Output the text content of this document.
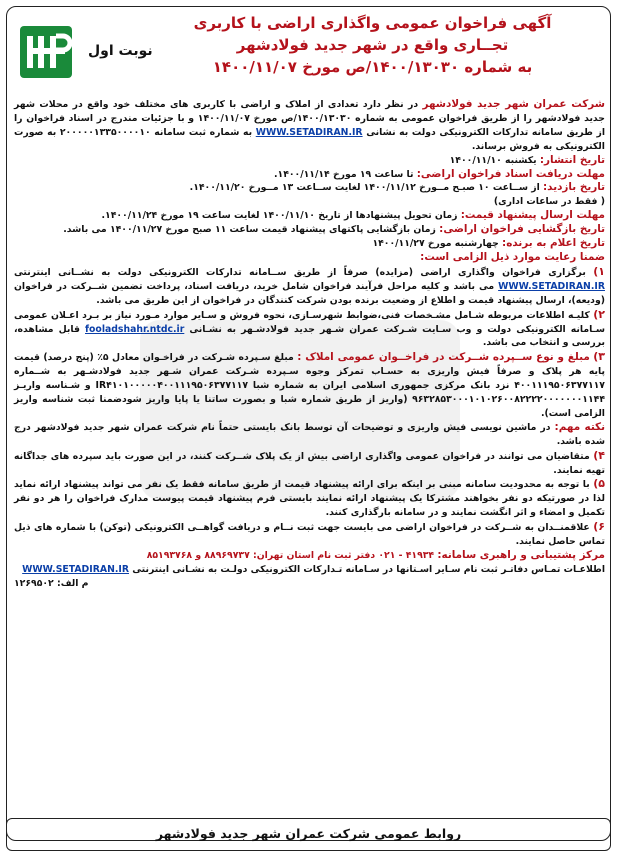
نوبت اول
آگهی فراخوان عمومی واگذاری اراضی با کاربری
تجــاری واقع در شهر جدید فولادشهر
به شماره ۱۴۰۰/۱۳۰۳۰/ص مورخ ۱۴۰۰/۱۱/۰۷

شرکت عمران شهر جدید فولادشهر در نظر دارد تعدادی از املاک و اراضی با کاربری های مختلف خود واقع در محلات شهر جدید فولادشهر را از طریق فراخوان عمومی به شماره ۱۴۰۰/۱۳۰۳۰/ص مورخ ۱۴۰۰/۱۱/۰۷ و با جزئیات مندرج در اسناد فراخوان را از طریق سامانه تدارکات الکترونیکی دولت به نشانی WWW.SETADIRAN.IR به شماره ثبت سامانه ۲۰۰۰۰۰۱۳۳۵۰۰۰۰۱۰ به صورت الکترونیکی به فروش برساند.

تاریخ انتشار: یکشنبه ۱۴۰۰/۱۱/۱۰

مهلت دریافت اسناد فراخوان اراضی: تا ساعت ۱۹ مورخ ۱۴۰۰/۱۱/۱۴.

تاریخ بازدید: از ســاعت ۱۰ صبـح مــورخ ۱۴۰۰/۱۱/۱۲ لغایت ســاعت ۱۳ مــورخ ۱۴۰۰/۱۱/۲۰.

( فقط در ساعات اداری)

مهلت ارسال پیشنهاد قیمت: زمان تحویل پیشنهادها از تاریخ ۱۴۰۰/۱۱/۱۰ لغایت ساعت ۱۹ مورخ ۱۴۰۰/۱۱/۲۴.

تاریخ بازگشایی فراخوان اراضی: زمان بازگشایی پاکتهای پیشنهاد قیمت ساعت ۱۱ صبح مورخ ۱۴۰۰/۱۱/۲۷ می باشد.

تاریخ اعلام به برنده: چهارشنبه مورخ ۱۴۰۰/۱۱/۲۷

ضمنا رعایت موارد ذیل الزامی است:

۱) برگزاری فراخوان واگذاری اراضی (مزایده) صرفاً از طریق ســامانه تدارکات الکترونیکی دولت به نشــانی اینترنتی WWW.SETADIRAN.IR می باشد و کلیه مراحل فرآیند فراخوان شامل خرید، دریافت اسناد، پرداخت تضمین شــرکت در فراخوان (ودیعه)، ارسال پیشنهاد قیمت و اطلاع از وضعیت برنده بودن شرکت کنندگان در فراخوان از این طریق می باشد.

۲) کلیـه اطلاعات مربوطه شـامل مشـخصات فنی،ضوابط شهرسـازی، نحوه فروش و سـایر موارد مـورد نیاز بر بـرد اعـلان عمومی سـامانه الکترونیکی دولت و وب سـایت شـرکت عمران شـهر جدید فولادشـهر به نشـانی fooladshahr.ntdc.ir قابل مشاهده، بررسی و انتخاب می باشد.

۳) مبلغ و نوع ســپرده شــرکت در فراخــوان عمومی املاک : مبلغ سـپرده شـرکت در فراخـوان معادل ۵٪ (پنج درصد) قیمت پایه هر پلاک و صرفاً فیش واریزی به حسـاب تمرکز وجوه سـپرده شـرکت عمران شـهر جدید فولادشـهر به شــماره ۴۰۰۱۱۱۹۵۰۶۳۷۷۱۱۷ نزد بانک مرکزی جمهوری اسلامی ایران به شماره شبا IR۴۱۰۱۰۰۰۰۰۴۰۰۱۱۱۹۵۰۶۳۷۷۱۱۷ و شـناسه واریـز ۹۶۳۲۸۵۳۰۰۰۱۰۱۰۲۶۰۰۸۲۲۲۲۰۰۰۰۰۰۰۱۱۴۴ (واریز از طریق شماره شبا و بصورت ساتنا یا پایا واریز شودضمنا ثبت شناسه واریز الزامی است).

نکته مهم: در ماشین نویسی فیش واریزی و توضیحات آن توسط بانک بایستی حتماً نام شرکت عمران شهر جدید فولادشهر درج شده باشد.

۴) متقاضیان می توانند در فراخوان عمومی واگذاری اراضی بیش از یک پلاک شــرکت کنند، در این صورت باید سپرده های جداگانه تهیه نمایند.

۵) با توجه به محدودیت سامانه مبنی بر اینکه برای ارائه پیشنهاد قیمت از طریق سامانه فقط یک نفر می تواند پیشنهاد ارائه نماید لذا در صورتیکه دو نفر بخواهند مشترکا یک پیشنهاد ارائه نمایند بایستی فرم پیشنهاد قیمت پیوست مدارک فراخوان را هر دو نفر تکمیل و امضاء و اثر انگشت نمایند و در سامانه بارگذاری کنند.

۶) علاقمنــدان به شــرکت در فراخوان اراضی می بایست جهت ثبت نــام و دریافت گواهــی الکترونیکی (توکن) با شماره های ذیل تماس حاصل نمایند.

مرکز پشتیبانی و راهبری سامانه: ۴۱۹۳۴ - ۰۲۱ دفتر ثبت نام استان تهران: ۸۸۹۶۹۷۳۷ و ۸۵۱۹۳۷۶۸

اطلاعـات تمـاس دفاتـر ثبت نام سـایر اسـتانها در سـامانه تـدارکات الکترونیکی دولـت به نشـانی اینترنتی WWW.SETADIRAN.IR

م الف: ۱۲۶۹۵۰۲

روابط عمومی شرکت عمران شهر جدید فولادشهر
